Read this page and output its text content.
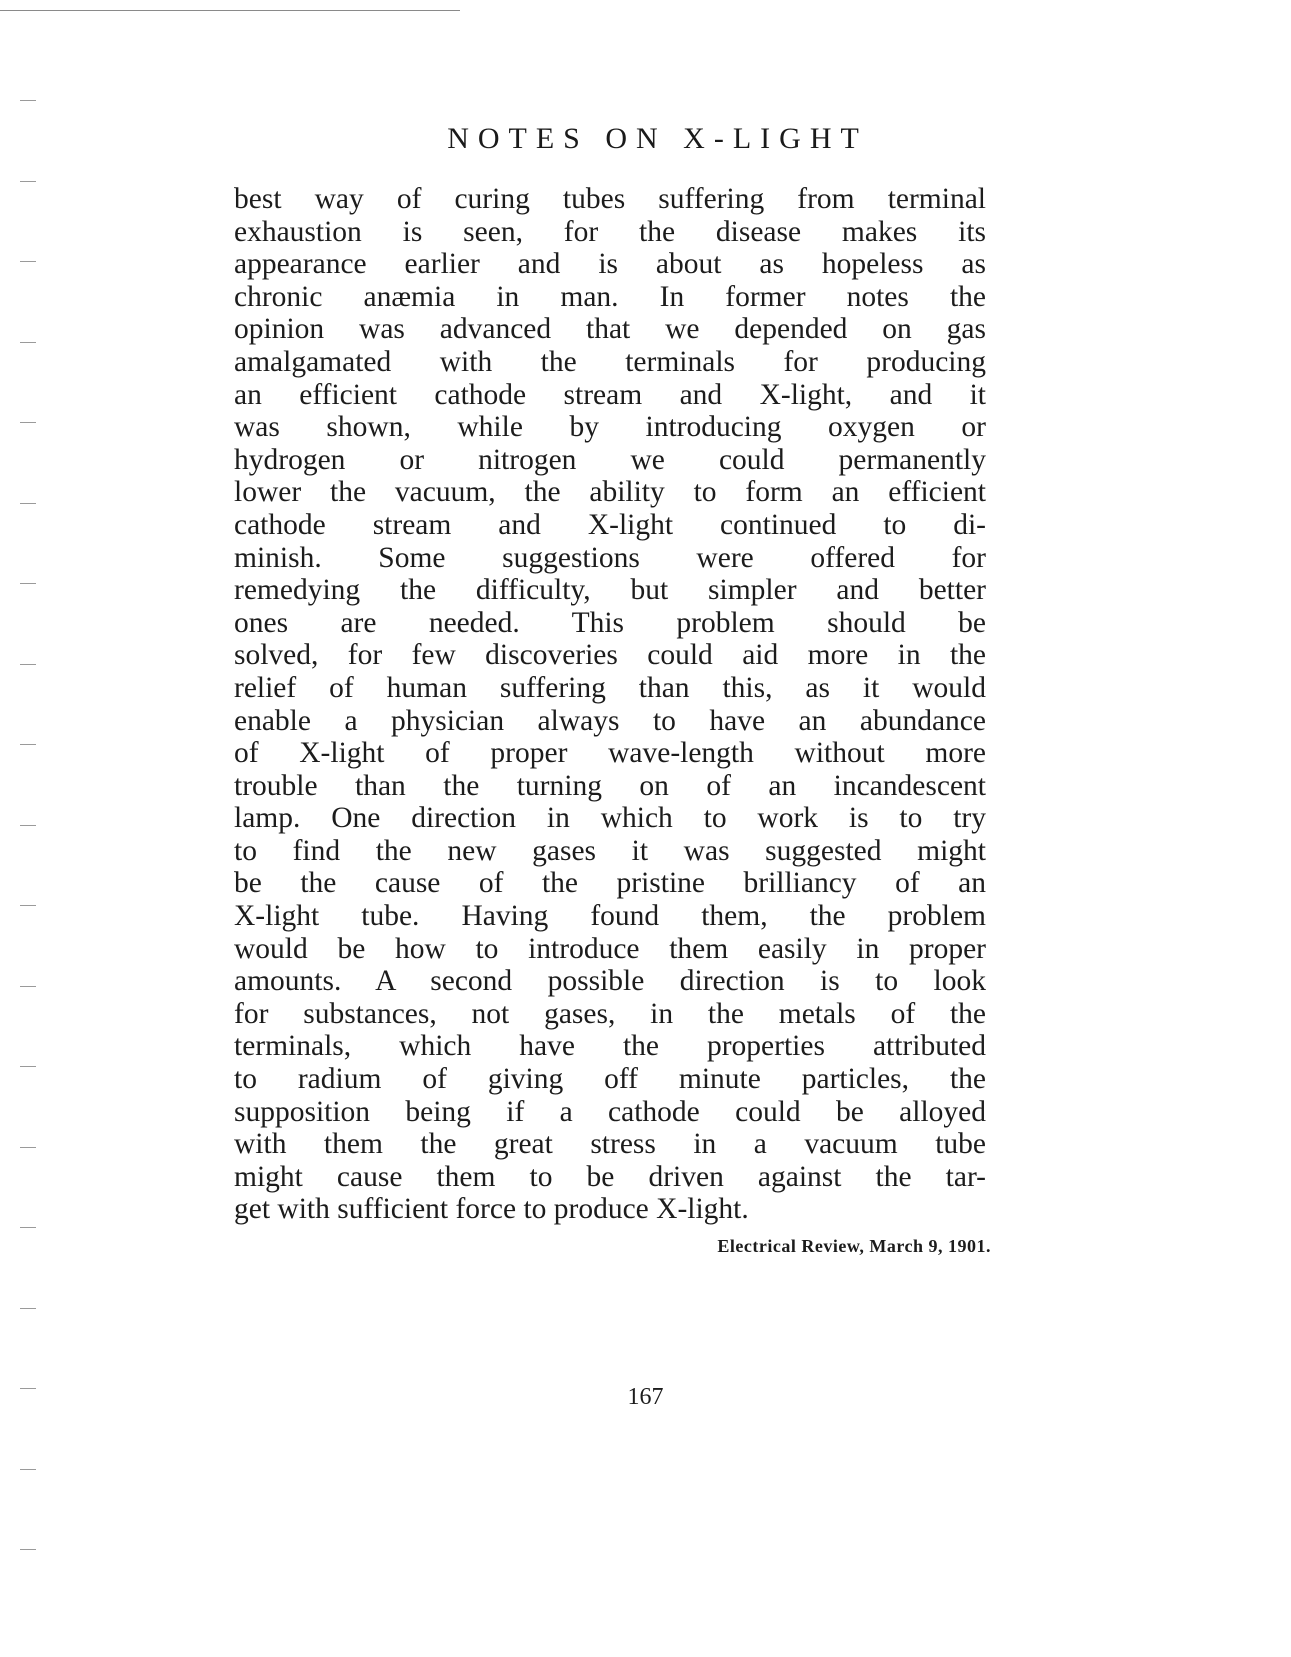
NOTES ON X-LIGHT
best way of curing tubes suffering from terminal
exhaustion is seen, for the disease makes its
appearance earlier and is about as hopeless as
chronic anæmia in man. In former notes the
opinion was advanced that we depended on gas
amalgamated with the terminals for producing
an efficient cathode stream and X-light, and it
was shown, while by introducing oxygen or
hydrogen or nitrogen we could permanently
lower the vacuum, the ability to form an efficient
cathode stream and X-light continued to di-
minish. Some suggestions were offered for
remedying the difficulty, but simpler and better
ones are needed. This problem should be
solved, for few discoveries could aid more in the
relief of human suffering than this, as it would
enable a physician always to have an abundance
of X-light of proper wave-length without more
trouble than the turning on of an incandescent
lamp. One direction in which to work is to try
to find the new gases it was suggested might
be the cause of the pristine brilliancy of an
X-light tube. Having found them, the problem
would be how to introduce them easily in proper
amounts. A second possible direction is to look
for substances, not gases, in the metals of the
terminals, which have the properties attributed
to radium of giving off minute particles, the
supposition being if a cathode could be alloyed
with them the great stress in a vacuum tube
might cause them to be driven against the tar-
get with sufficient force to produce X-light.
Electrical Review, March 9, 1901.
167
